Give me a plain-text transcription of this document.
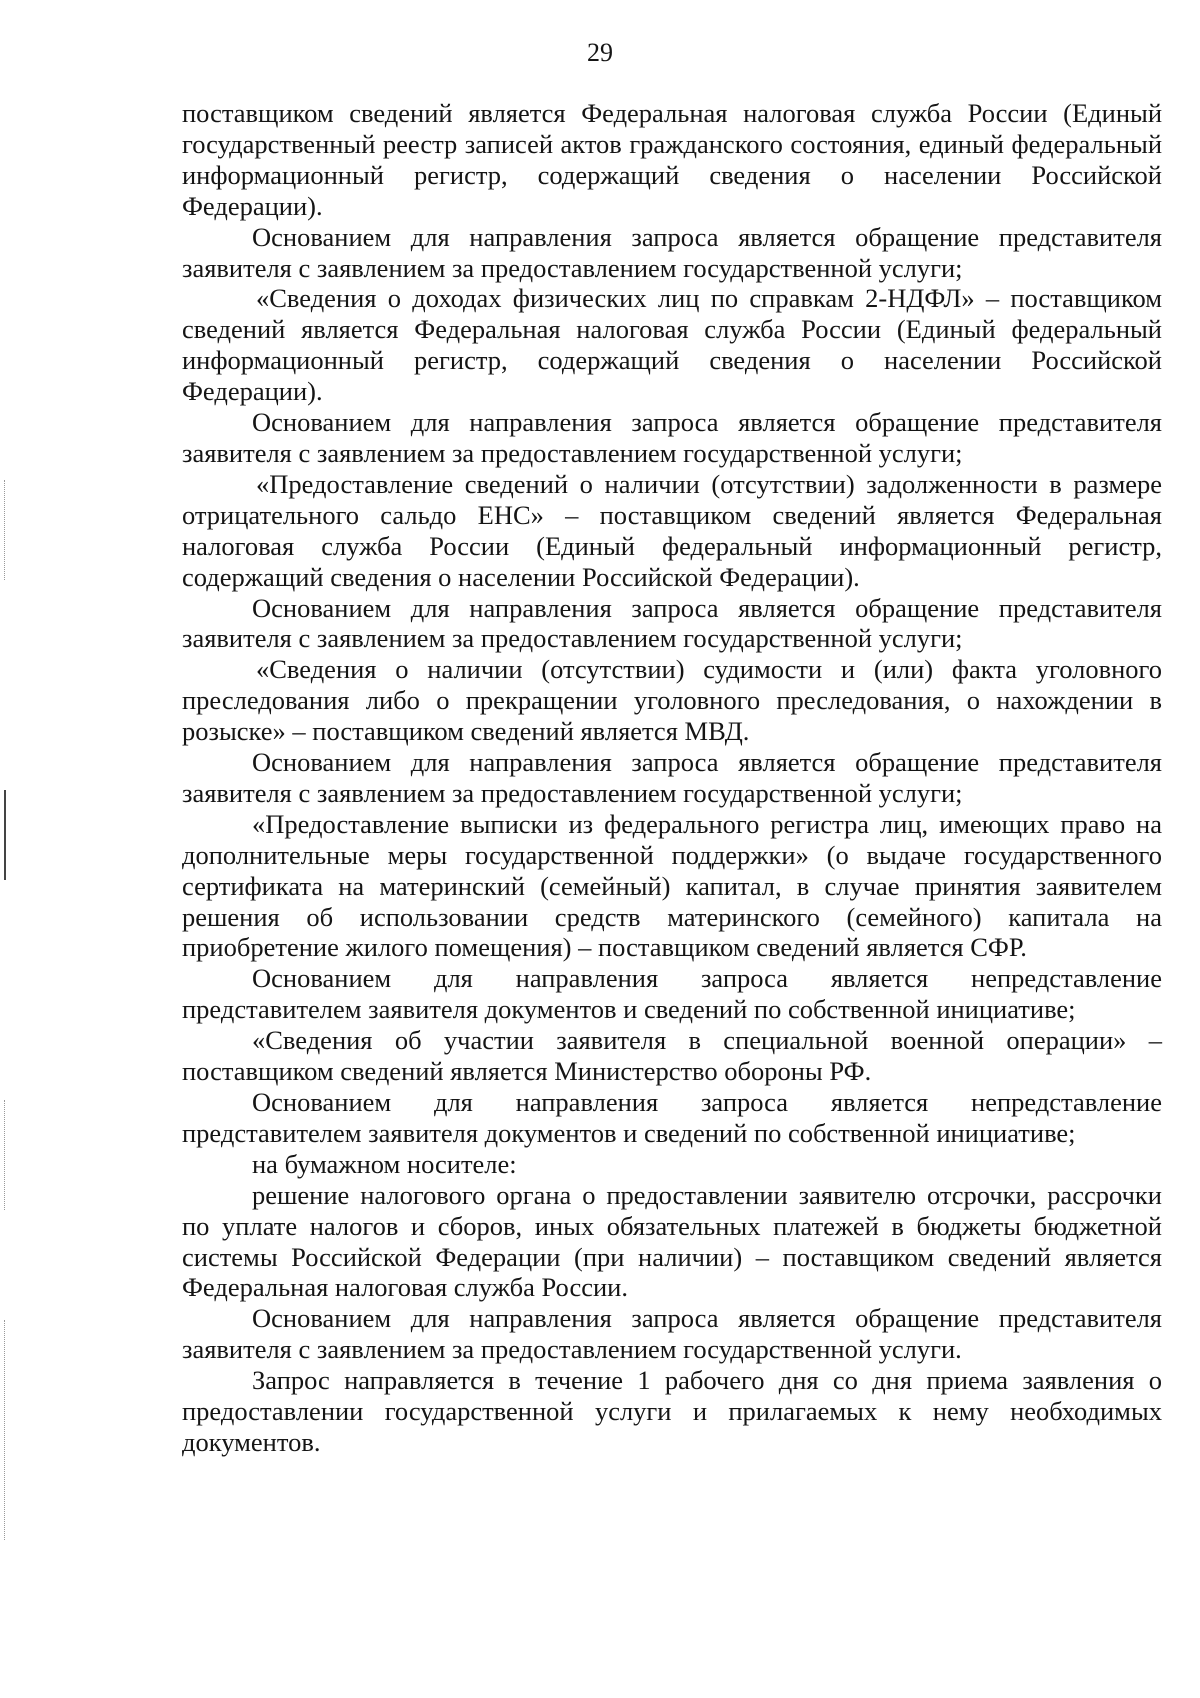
29

поставщиком сведений является Федеральная налоговая служба России (Единый государственный реестр записей актов гражданского состояния, единый федеральный информационный регистр, содержащий сведения о населении Российской Федерации).

Основанием для направления запроса является обращение представителя заявителя с заявлением за предоставлением государственной услуги;

«Сведения о доходах физических лиц по справкам 2-НДФЛ» – поставщиком сведений является Федеральная налоговая служба России (Единый федеральный информационный регистр, содержащий сведения о населении Российской Федерации).

Основанием для направления запроса является обращение представителя заявителя с заявлением за предоставлением государственной услуги;

«Предоставление сведений о наличии (отсутствии) задолженности в размере отрицательного сальдо ЕНС» – поставщиком сведений является Федеральная налоговая служба России (Единый федеральный информационный регистр, содержащий сведения о населении Российской Федерации).

Основанием для направления запроса является обращение представителя заявителя с заявлением за предоставлением государственной услуги;

«Сведения о наличии (отсутствии) судимости и (или) факта уголовного преследования либо о прекращении уголовного преследования, о нахождении в розыске» – поставщиком сведений является МВД.

Основанием для направления запроса является обращение представителя заявителя с заявлением за предоставлением государственной услуги;

«Предоставление выписки из федерального регистра лиц, имеющих право на дополнительные меры государственной поддержки» (о выдаче государственного сертификата на материнский (семейный) капитал, в случае принятия заявителем решения об использовании средств материнского (семейного) капитала на приобретение жилого помещения) – поставщиком сведений является СФР.

Основанием для направления запроса является непредставление представителем заявителя документов и сведений по собственной инициативе;

«Сведения об участии заявителя в специальной военной операции» – поставщиком сведений является Министерство обороны РФ.

Основанием для направления запроса является непредставление представителем заявителя документов и сведений по собственной инициативе;

на бумажном носителе:

решение налогового органа о предоставлении заявителю отсрочки, рассрочки по уплате налогов и сборов, иных обязательных платежей в бюджеты бюджетной системы Российской Федерации (при наличии) – поставщиком сведений является Федеральная налоговая служба России.

Основанием для направления запроса является обращение представителя заявителя с заявлением за предоставлением государственной услуги.

Запрос направляется в течение 1 рабочего дня со дня приема заявления о предоставлении государственной услуги и прилагаемых к нему необходимых документов.
